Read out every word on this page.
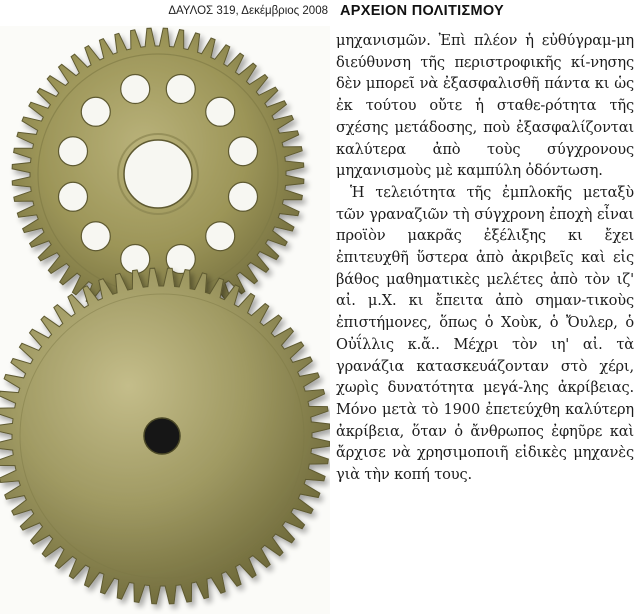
ΔΑΥΛΟΣ 319, Δεκέμβριος 2008 ΑΡΧΕΙΟΝ ΠΟΛΙΤΙΣΜΟΥ

μηχανισμῶν. Ἐπὶ πλέον ἡ εὐθύγραμ-μη διεύθυνση τῆς περιστροφικῆς κί-νησης δὲν μπορεῖ νὰ ἐξασφαλισθῆ πάντα κι ὡς ἐκ τούτου οὔτε ἡ σταθε-ρότητα τῆς σχέσης μετάδοσης, ποὺ ἐξασφαλίζονται καλύτερα ἀπὸ τοὺς σύγχρονους μηχανισμοὺς μὲ καμπύλη ὀδόντωση.

Ἡ τελειότητα τῆς ἐμπλοκῆς μεταξὺ τῶν γραναζιῶν τὴ σύγχρονη ἐποχὴ εἶναι προϊὸν μακρᾶς ἐξέλιξης κι ἔχει ἐπιτευχθῆ ὕστερα ἀπὸ ἀκριβεῖς καὶ εἰς βάθος μαθηματικὲς μελέτες ἀπὸ τὸν ιζ' αἰ. μ.Χ. κι ἔπειτα ἀπὸ σημαν-τικοὺς ἐπιστήμονες, ὅπως ὁ Χοὺκ, ὁ Ὄυλερ, ὁ Οὐΐλλις κ.ἄ.. Μέχρι τὸν ιη' αἰ. τὰ γρανάζια κατασκευάζονταν στὸ χέρι, χωρὶς δυνατότητα μεγά-λης ἀκρίβειας. Μόνο μετὰ τὸ 1900 ἐπετεύχθη καλύτερη ἀκρίβεια, ὅταν ὁ ἄνθρωπος ἐφηῦρε καὶ ἄρχισε νὰ χρησιμοποιῆ εἰδικὲς μηχανὲς γιὰ τὴν κοπή τους.
